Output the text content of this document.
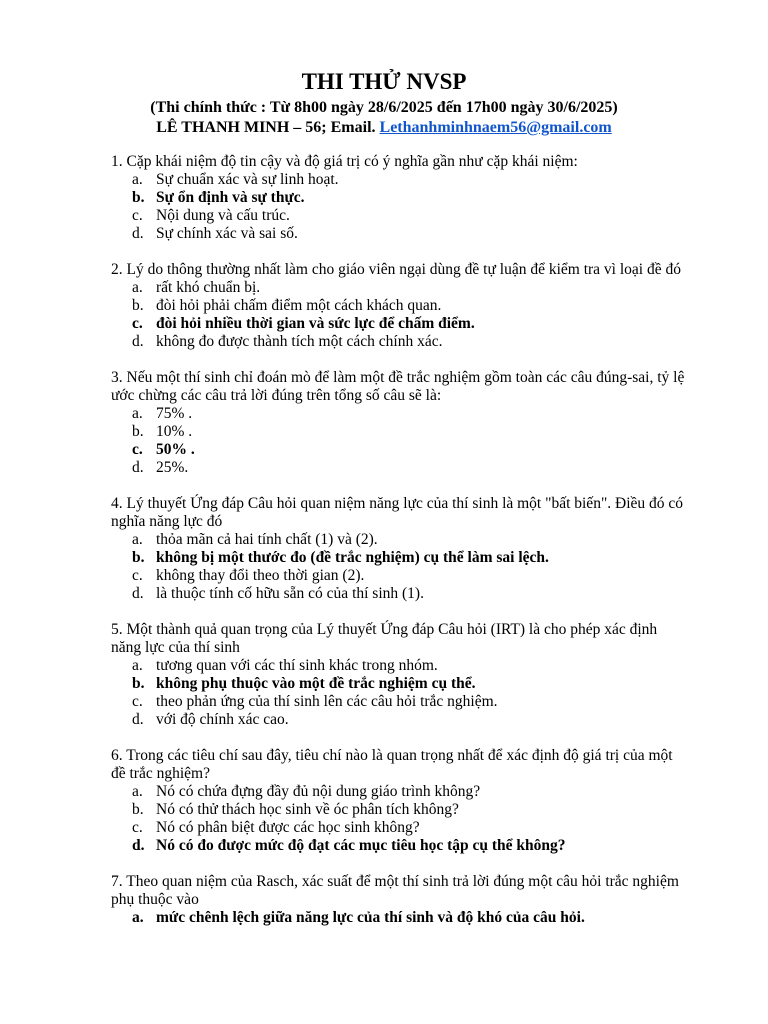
THI THỬ NVSP
(Thi chính thức : Từ 8h00 ngày 28/6/2025 đến 17h00 ngày 30/6/2025)
LÊ THANH MINH – 56; Email. Lethanhminhnaem56@gmail.com
1. Cặp khái niệm độ tin cậy và độ giá trị có ý nghĩa gần như cặp khái niệm:
a. Sự chuẩn xác và sự linh hoạt.
b. Sự ổn định và sự thực.
c. Nội dung và cấu trúc.
d. Sự chính xác và sai số.
2. Lý do thông thường nhất làm cho giáo viên ngại dùng đề tự luận để kiểm tra vì loại đề đó
a. rất khó chuẩn bị.
b. đòi hỏi phải chấm điểm một cách khách quan.
c. đòi hỏi nhiều thời gian và sức lực để chấm điểm.
d. không đo được thành tích một cách chính xác.
3. Nếu một thí sinh chỉ đoán mò để làm một đề trắc nghiệm gồm toàn các câu đúng-sai, tỷ lệ ước chừng các câu trả lời đúng trên tổng số câu sẽ là:
a. 75% .
b. 10% .
c. 50% .
d. 25%.
4. Lý thuyết Ứng đáp Câu hỏi quan niệm năng lực của thí sinh là một "bất biến". Điều đó có nghĩa năng lực đó
a. thỏa mãn cả hai tính chất (1) và (2).
b. không bị một thước đo (đề trắc nghiệm) cụ thể làm sai lệch.
c. không thay đổi theo thời gian (2).
d. là thuộc tính cố hữu sẵn có của thí sinh (1).
5. Một thành quả quan trọng của Lý thuyết Ứng đáp Câu hỏi (IRT) là cho phép xác định năng lực của thí sinh
a. tương quan với các thí sinh khác trong nhóm.
b. không phụ thuộc vào một đề trắc nghiệm cụ thể.
c. theo phản ứng của thí sinh lên các câu hỏi trắc nghiệm.
d. với độ chính xác cao.
6. Trong các tiêu chí sau đây, tiêu chí nào là quan trọng nhất để xác định độ giá trị của một đề trắc nghiệm?
a. Nó có chứa đựng đầy đủ nội dung giáo trình không?
b. Nó có thử thách học sinh về óc phân tích không?
c. Nó có phân biệt được các học sinh không?
d. Nó có đo được mức độ đạt các mục tiêu học tập cụ thể không?
7. Theo quan niệm của Rasch, xác suất để một thí sinh trả lời đúng một câu hỏi trắc nghiệm phụ thuộc vào
a. mức chênh lệch giữa năng lực của thí sinh và độ khó của câu hỏi.
